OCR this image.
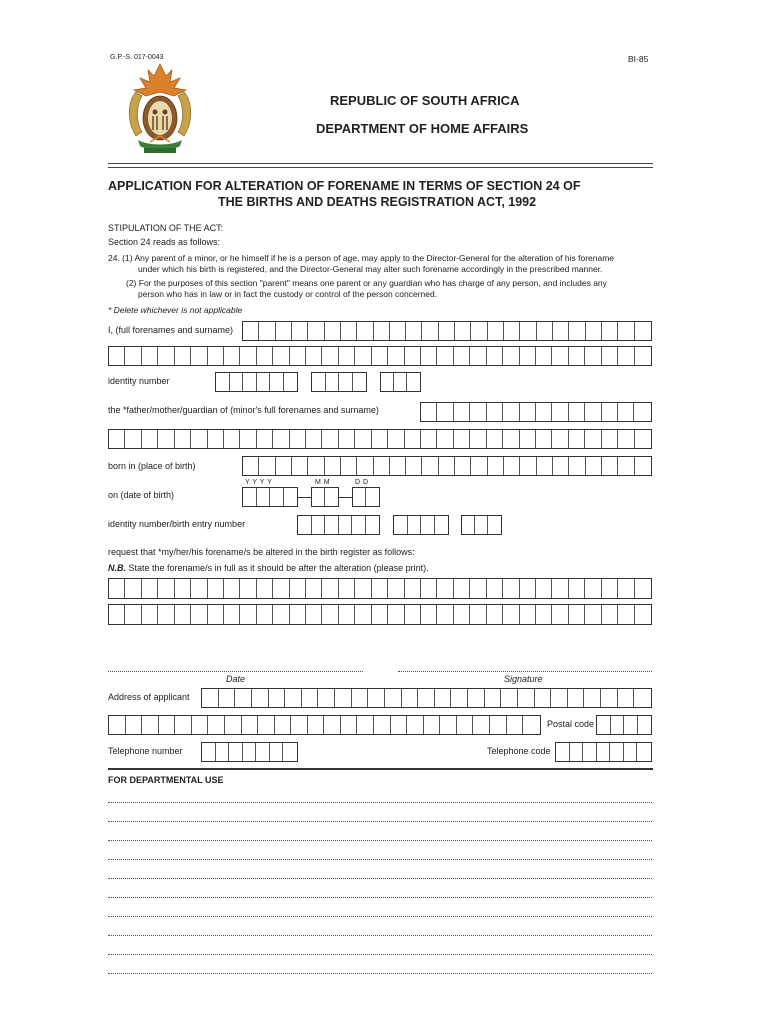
G.P.-S. 017-0043	BI-85
REPUBLIC OF SOUTH AFRICA
DEPARTMENT OF HOME AFFAIRS
APPLICATION FOR ALTERATION OF FORENAME IN TERMS OF SECTION 24 OF
THE BIRTHS AND DEATHS REGISTRATION ACT, 1992
STIPULATION OF THE ACT:
Section 24 reads as follows:
24. (1) Any parent of a minor, or he himself if he is a person of age, may apply to the Director-General for the alteration of his forename
under which his birth is registered, and the Director-General may alter such forename accordingly in the prescribed manner.
(2) For the purposes of this section "parent" means one parent or any guardian who has charge of any person, and includes any
person who has in law or in fact the custody or control of the person concerned.
* Delete whichever is not applicable
I, (full forenames and surname)
identity number
the *father/mother/guardian of (minor's full forenames and surname)
born in (place of birth)
Y Y Y Y	M M	D D
on (date of birth)
identity number/birth entry number
request that *my/her/his forename/s be altered in the birth register as follows:
N.B. State the forename/s in full as it should be after the alteration (please print).
Date	Signature
Address of applicant
Postal code
Telephone number	Telephone code
FOR DEPARTMENTAL USE
